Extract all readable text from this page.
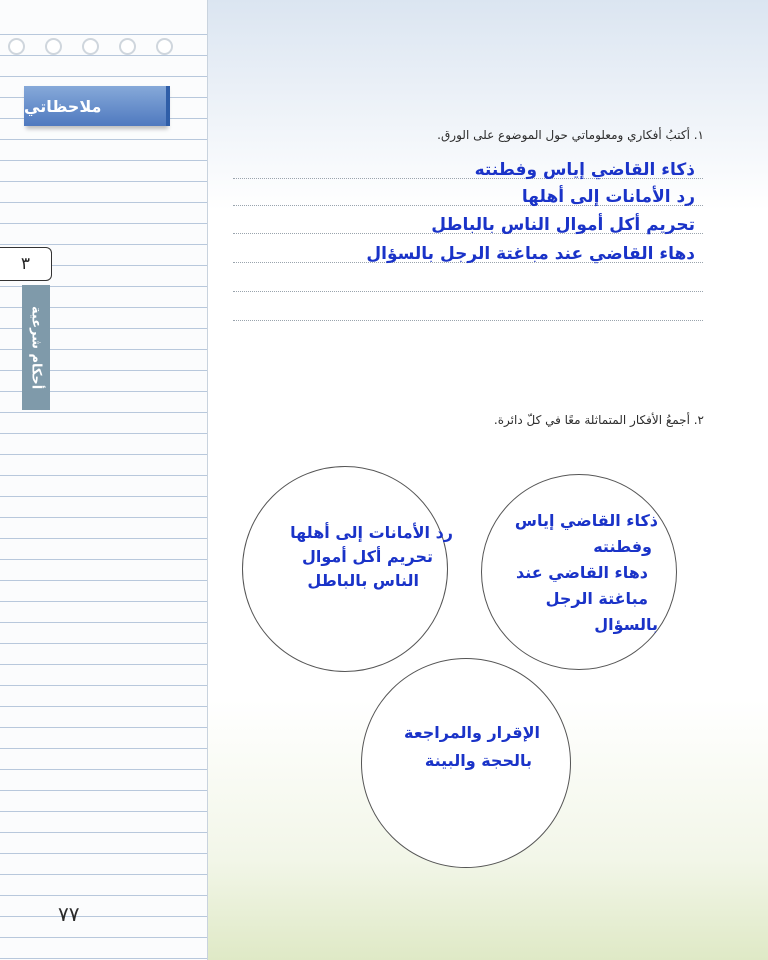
ملاحظاتي
٣
أحكام شرعية
٧٧
١. أكتبُ أفكاري ومعلوماتي حول الموضوع على الورق.
ذكاء القاضي إياس وفطنته
رد الأمانات إلى أهلها
تحريم أكل أموال الناس بالباطل
دهاء القاضي عند مباغتة الرجل بالسؤال
٢. أجمعُ الأفكار المتماثلة معًا في كلّ دائرة.
رد الأمانات إلى أهلها
تحريم أكل أموال
الناس بالباطل
ذكاء القاضي إياس
وفطنته
دهاء القاضي عند
مباغتة الرجل
بالسؤال
الإقرار والمراجعة
بالحجة والبينة
